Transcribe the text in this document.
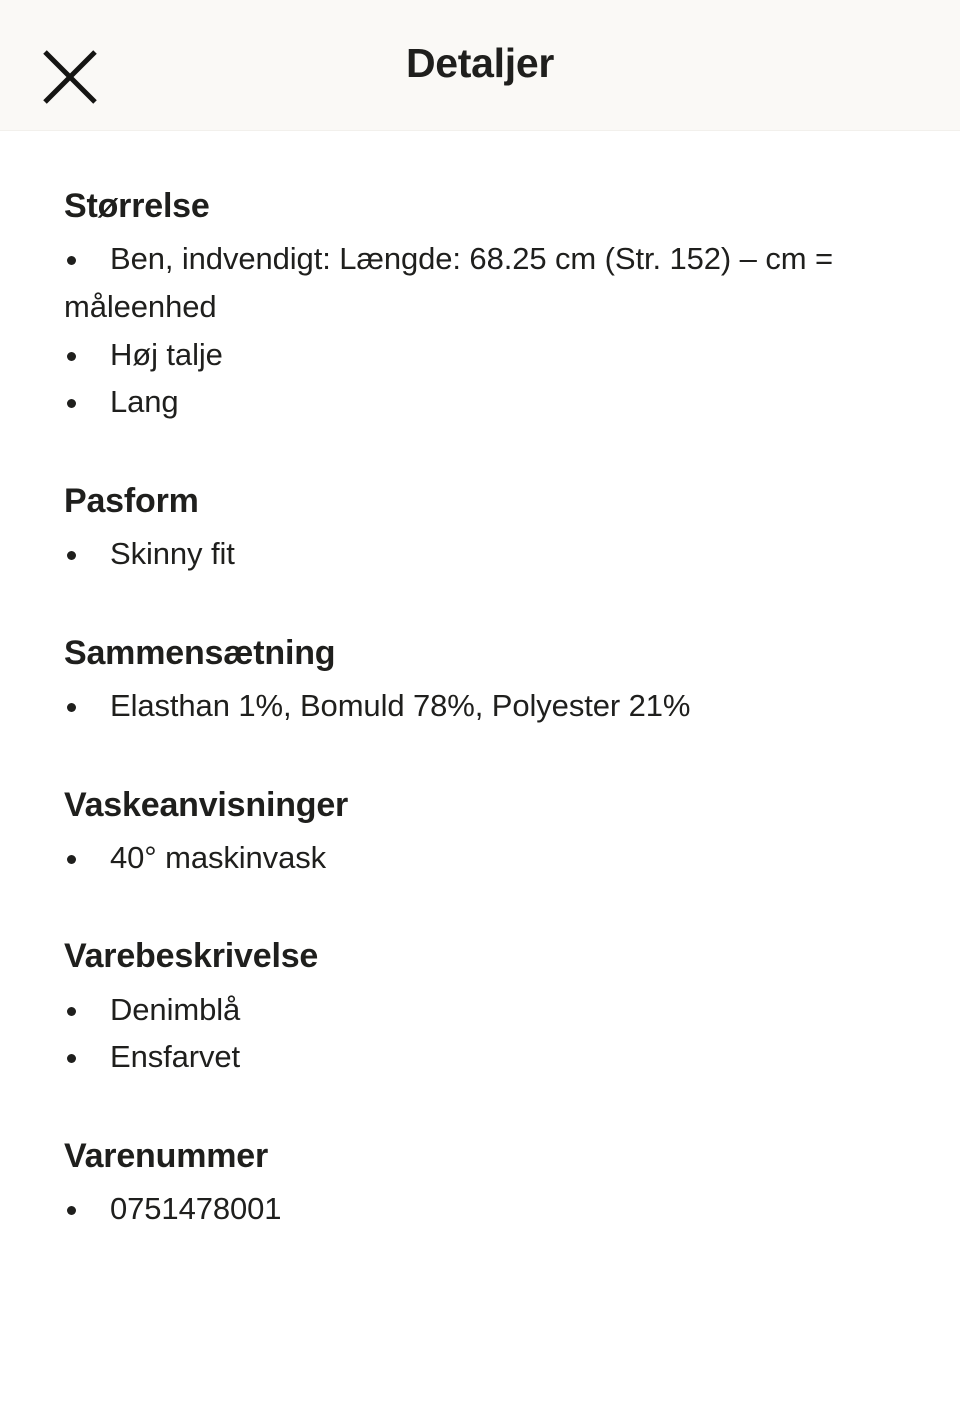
Detaljer
Størrelse
Ben, indvendigt: Længde: 68.25 cm (Str. 152) – cm = måleenhed
Høj talje
Lang
Pasform
Skinny fit
Sammensætning
Elasthan 1%, Bomuld 78%, Polyester 21%
Vaskeanvisninger
40° maskinvask
Varebeskrivelse
Denimblå
Ensfarvet
Varenummer
0751478001
